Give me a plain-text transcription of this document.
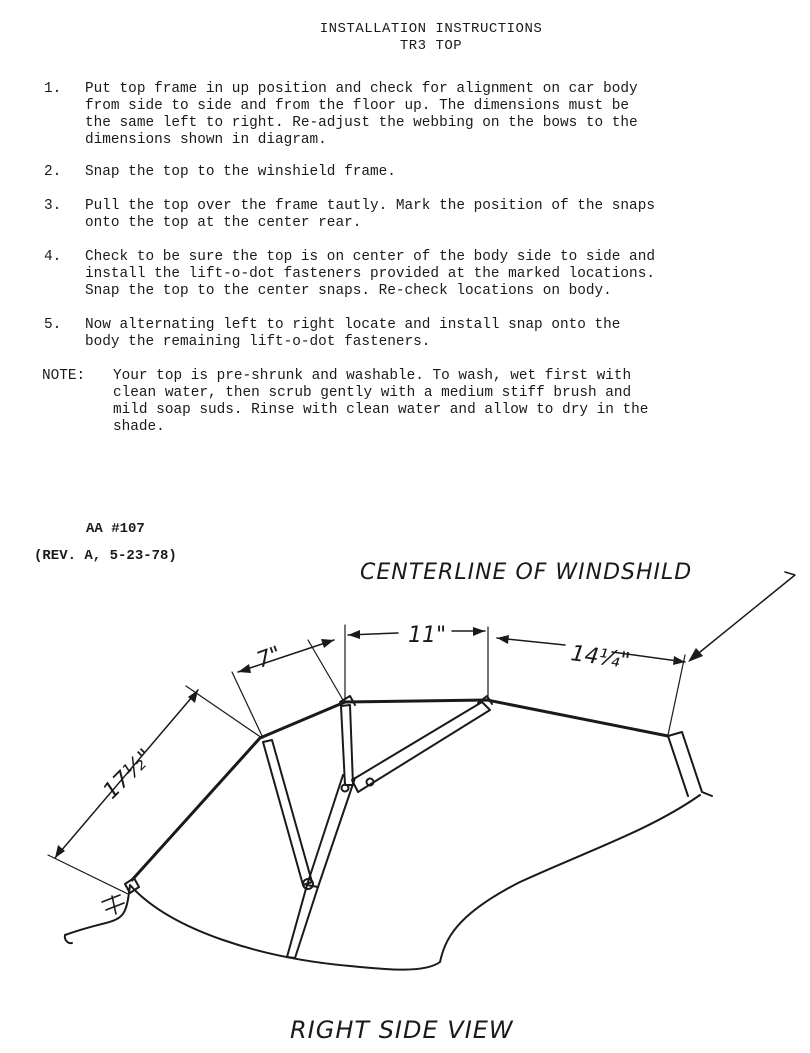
INSTALLATION INSTRUCTIONS
TR3 TOP
1. Put top frame in up position and check for alignment on car body
from side to side and from the floor up. The dimensions must be
the same left to right. Re-adjust the webbing on the bows to the
dimensions shown in diagram.
2. Snap the top to the winshield frame.
3. Pull the top over the frame tautly. Mark the position of the snaps
onto the top at the center rear.
4. Check to be sure the top is on center of the body side to side and
install the lift-o-dot fasteners provided at the marked locations.
Snap the top to the center snaps. Re-check locations on body.
5. Now alternating left to right locate and install snap onto the
body the remaining lift-o-dot fasteners.
NOTE: Your top is pre-shrunk and washable. To wash, wet first with
clean water, then scrub gently with a medium stiff brush and
mild soap suds. Rinse with clean water and allow to dry in the
shade.
AA #107
(REV. A, 5-23-78)
CENTERLINE OF WINDSHILD
17½"
7"
11"
14¼"
RIGHT SIDE VIEW
